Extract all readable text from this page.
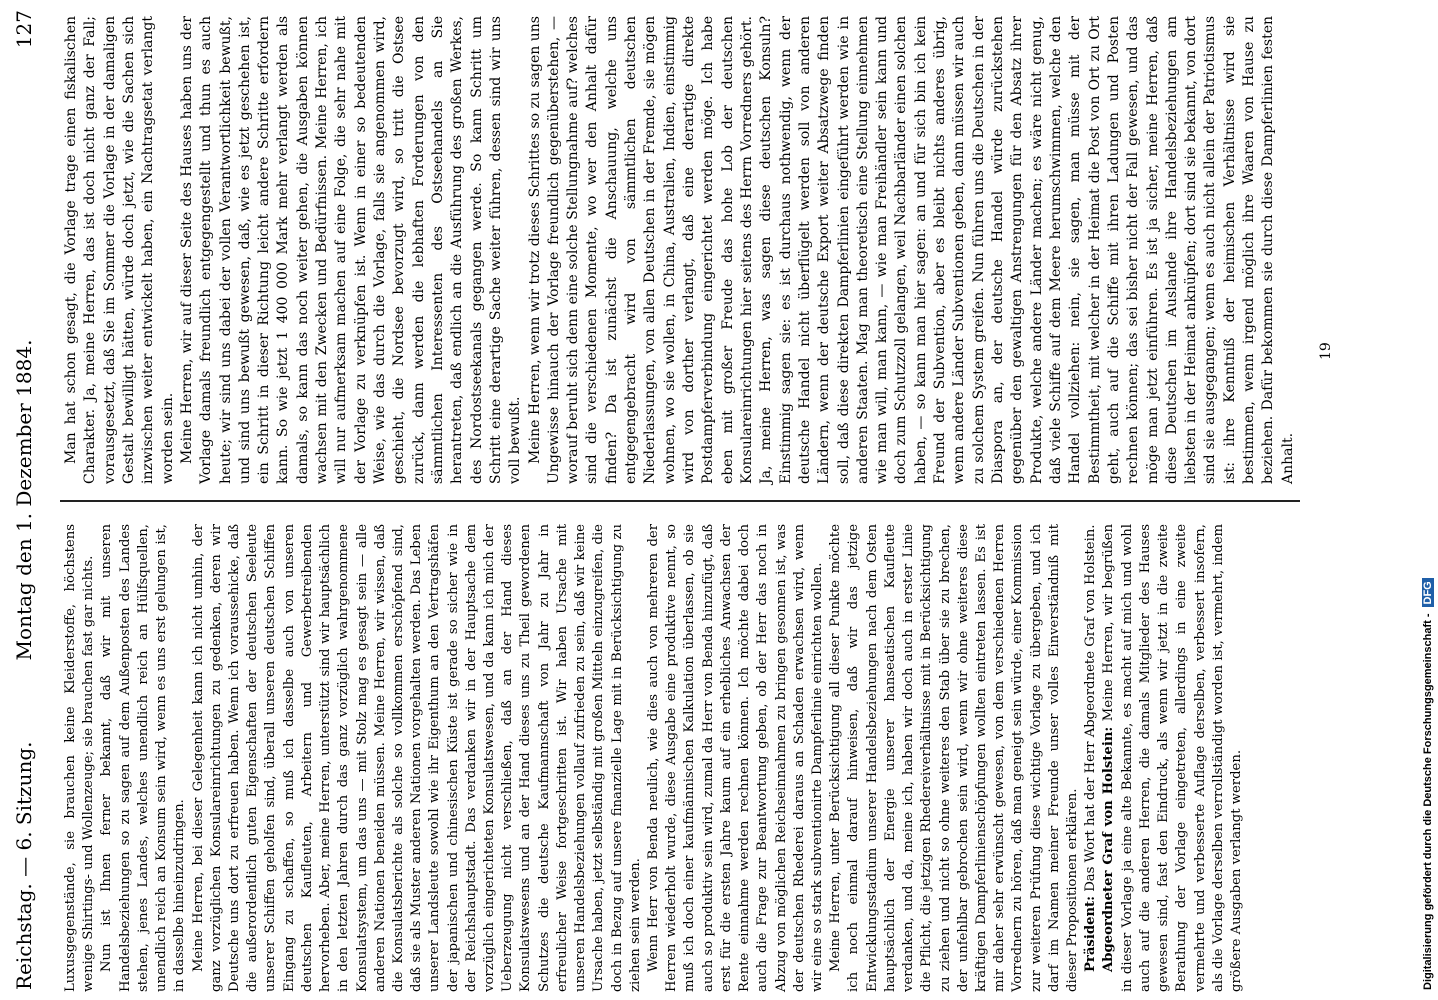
Reichstag. — 6. Sitzung.
Montag den 1. Dezember 1884.
127

Luxusgegenstände, sie brauchen keine Kleiderstoffe, höchstens wenige Shirtings- und Wollenzeuge; sie brauchen fast gar nichts. Nun ist Ihnen ferner bekannt, daß wir mit unseren Handelsbeziehungen so zu sagen auf dem Außenposten des Landes stehen, jenes Landes, welches unendlich reich an Hülfsquellen, unendlich reich an Konsum sein wird, wenn es uns erst gelungen ist, in dasselbe hineinzudringen. Meine Herren, bei dieser Gelegenheit kann ich nicht umhin, der ganz vorzüglichen Konsulareinrichtungen zu gedenken, deren wir Deutsche uns dort zu erfreuen haben. Wenn ich voraussehicke, daß die außerordentlich guten Eigenschaften der deutschen Seeleute unserer Schiffen geholfen sind, überall unseren deutschen Schiffen Eingang zu schaffen, so muß ich dasselbe auch von unseren deutschen Kaufleuten, Arbeitern und Gewerbetreibenden hervorheben. Aber, meine Herren, unterstützt sind wir hauptsächlich in den letzten Jahren durch das ganz vorzüglich wahrgenommene Konsulatsystem, um das uns — mit Stolz mag es gesagt sein — alle anderen Nationen beneiden müssen. Meine Herren, wir wissen, daß die Konsulatsberichte als solche so vollkommen erschöpfend sind, daß sie als Muster anderen Nationen vorgehalten werden. Das Leben unserer Landsleute sowohl wie ihr Eigenthum an den Vertragshäfen der japanischen und chinesischen Küste ist gerade so sicher wie in der Reichshauptstadt. Das verdanken wir in der Hauptsache dem vorzüglich eingerichteten Konsulatswesen, und da kann ich mich der Ueberzeugung nicht verschließen, daß an der Hand dieses Konsulatswesens und an der Hand dieses uns zu Theil gewordenen Schutzes die deutsche Kaufmannschaft von Jahr zu Jahr in erfreulicher Weise fortgeschritten ist. Wir haben Ursache mit unseren Handelsbeziehungen vollauf zufrieden zu sein, daß wir keine Ursache haben, jetzt selbständig mit großen Mitteln einzugreifen, die doch in Bezug auf unsere finanzielle Lage mit in Berücksichtigung zu ziehen sein werden. Wenn Herr von Benda neulich, wie dies auch von mehreren der Herren wiederholt wurde, diese Ausgabe eine produktive nennt, so muß ich doch einer kaufmännischen Kalkulation überlassen, ob sie auch so produktiv sein wird, zumal da Herr von Benda hinzufügt, daß erst für die ersten Jahre kaum auf ein erhebliches Anwachsen der Rente einnahme werden rechnen können. Ich möchte dabei doch auch die Frage zur Beantwortung geben, ob der Herr das noch in Abzug von möglichen Reichseinnahmen zu bringen gesonnen ist, was der deutschen Rhederei daraus an Schaden erwachsen wird, wenn wir eine so stark subventionirte Dampferlinie einrichten wollen. Meine Herren, unter Berücksichtigung all dieser Punkte möchte ich noch einmal darauf hinweisen, daß wir das jetzige Entwicklungsstadium unserer Handelsbeziehungen nach dem Osten hauptsächlich der Energie unserer hanseatischen Kaufleute verdanken, und da, meine ich, haben wir doch auch in erster Linie die Pflicht, die jetzigen Rhedereiverhältnisse mit in Berücksichtigung zu ziehen und nicht so ohne weiteres den Stab über sie zu brechen, der unfehlbar gebrochen sein wird, wenn wir ohne weiteres diese kräftigen Dampferlinienschöpfungen wollten eintreten lassen. Es ist mir daher sehr erwünscht gewesen, von dem verschiedenen Herren Vorrednern zu hören, daß man geneigt sein würde, einer Kommission zur weiteren Prüfung diese wichtige Vorlage zu übergeben, und ich darf im Namen meiner Freunde unser volles Einverständniß mit dieser Propositionen erklären. Präsident: Das Wort hat der Herr Abgeordnete Graf von Holstein. Abgeordneter Graf von Holstein: Meine Herren, wir begrüßen in dieser Vorlage ja eine alte Bekannte, es macht auf mich und wohl auch auf die anderen Herren, die damals Mitglieder des Hauses gewesen sind, fast den Eindruck, als wenn wir jetzt in die zweite Berathung der Vorlage eingetreten, allerdings in eine zweite vermehrte und verbesserte Auflage derselben, verbessert insofern, als die Vorlage derselben verrollständigt worden ist, vermehrt, indem größere Ausgaben verlangt werden.

Man hat schon gesagt, die Vorlage trage einen fiskalischen Charakter. Ja, meine Herren, das ist doch nicht ganz der Fall; vorausgesetzt, daß Sie im Sommer die Vorlage in der damaligen Gestalt bewilligt hätten, würde doch jetzt, wie die Sachen sich inzwischen weiter entwickelt haben, ein Nachtragsetat verlangt worden sein. Meine Herren, wir auf dieser Seite des Hauses haben uns der Vorlage damals freundlich entgegengestellt und thun es auch heute; wir sind uns dabei der vollen Verantwortlichkeit bewußt, und sind uns bewußt gewesen, daß, wie es jetzt geschehen ist, ein Schritt in dieser Richtung leicht andere Schritte erfordern kann. So wie jetzt 1 400 000 Mark mehr verlangt werden als damals, so kann das noch weiter gehen, die Ausgaben können wachsen mit den Zwecken und Bedürfnissen. Meine Herren, ich will nur aufmerksam machen auf eine Folge, die sehr nahe mit der Vorlage zu verknüpfen ist. Wenn in einer so bedeutenden Weise, wie das durch die Vorlage, falls sie angenommen wird, geschieht, die Nordsee bevorzugt wird, so tritt die Ostsee zurück, dann werden die lebhaften Forderungen von den sämmtlichen Interessenten des Ostseehandels an Sie herantreten, daß endlich an die Ausführung des großen Werkes, des Nordostseekanals gegangen werde. So kann Schritt um Schritt eine derartige Sache weiter führen, dessen sind wir uns voll bewußt. Meine Herren, wenn wir trotz dieses Schrittes so zu sagen uns Ungewisse hinauch der Vorlage freundlich gegenüberstehen, — worauf beruht sich denn eine solche Stellungnahme auf? welches sind die verschiedenen Momente, wo wer den Anhalt dafür finden? Da ist zunächst die Anschauung, welche uns entgegengebracht wird von sämmtlichen deutschen Niederlassungen, von allen Deutschen in der Fremde, sie mögen wohnen, wo sie wollen, in China, Australien, Indien, einstimmig wird von dorther verlangt, daß eine derartige direkte Postdampferverbindung eingerichtet werden möge. Ich habe eben mit großer Freude das hohe Lob der deutschen Konsulareinrichtungen hier seitens des Herrn Vorredners gehört. Ja, meine Herren, was sagen diese deutschen Konsuln? Einstimmig sagen sie: es ist durchaus nothwendig, wenn der deutsche Handel nicht überflügelt werden soll von anderen Ländern, wenn der deutsche Export weiter Absatzwege finden soll, daß diese direkten Dampferlinien eingeführt werden wie in anderen Staaten. Mag man theoretisch eine Stellung einnehmen wie man will, man kann, — wie man Freihändler sein kann und doch zum Schutzzoll gelangen, weil Nachbarländer einen solchen haben, — so kann man hier sagen: an und für sich bin ich kein Freund der Subvention, aber es bleibt nichts anderes übrig, wenn andere Länder Subventionen geben, dann müssen wir auch zu solchem System greifen. Nun führen uns die Deutschen in der Diaspora an, der deutsche Handel würde zurückstehen gegenüber den gewaltigen Anstrengungen für den Absatz ihrer Produkte, welche andere Länder machen; es wäre nicht genug, daß viele Schiffe auf dem Meere herumschwimmen, welche den Handel vollziehen: nein, sie sagen, man müsse mit der Bestimmtheit, mit welcher in der Heimat die Post von Ort zu Ort geht, auch auf die Schiffe mit ihren Ladungen und Posten rechnen können; das sei bisher nicht der Fall gewesen, und das möge man jetzt einführen. Es ist ja sicher, meine Herren, daß diese Deutschen im Auslande ihre Handelsbeziehungen am liebsten in der Heimat anknüpfen; dort sind sie bekannt, von dort sind sie ausgegangen; wenn es auch nicht allein der Patriotismus ist: ihre Kenntniß der heimischen Verhältnisse wird sie bestimmen, wenn irgend möglich ihre Waaren von Hause zu beziehen. Dafür bekommen sie durch diese Dampferlinien festen Anhalt.

19
Digitalisierung gefördert durch die Deutsche Forschungsgemeinschaft -DFG
